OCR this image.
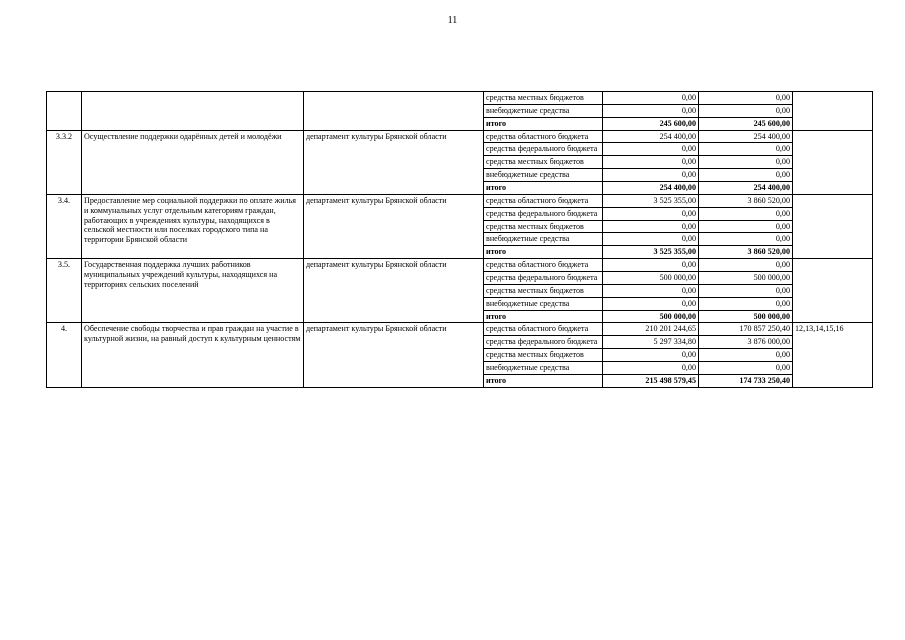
11
			средства местных бюджетов	0,00	0,00	
			внебюджетные средства	0,00	0,00	
			итого	245 600,00	245 600,00	
3.3.2	Осуществление поддержки одарённых детей и молодёжи	департамент культуры Брянской области	средства областного бюджета	254 400,00	254 400,00	
			средства федерального бюджета	0,00	0,00	
			средства местных бюджетов	0,00	0,00	
			внебюджетные средства	0,00	0,00	
			итого	254 400,00	254 400,00	
3.4.	Предоставление мер социальной поддержки по оплате жилья и коммунальных услуг отдельным категориям граждан, работающих в учреждениях культуры, находящихся в сельской местности или поселках городского типа на территории Брянской области	департамент культуры Брянской области	средства областного бюджета	3 525 355,00	3 860 520,00	
			средства федерального бюджета	0,00	0,00	
			средства местных бюджетов	0,00	0,00	
			внебюджетные средства	0,00	0,00	
			итого	3 525 355,00	3 860 520,00	
3.5.	Государственная поддержка лучших работников муниципальных учреждений культуры, находящихся на территориях сельских поселений	департамент культуры Брянской области	средства областного бюджета	0,00	0,00	
			средства федерального бюджета	500 000,00	500 000,00	
			средства местных бюджетов	0,00	0,00	
			внебюджетные средства	0,00	0,00	
			итого	500 000,00	500 000,00	
4.	Обеспечение свободы творчества и прав граждан на участие в культурной жизни, на равный доступ к культурным ценностям	департамент культуры Брянской области	средства областного бюджета	210 201 244,65	170 857 250,40	12,13,14,15,16
			средства федерального бюджета	5 297 334,80	3 876 000,00	
			средства местных бюджетов	0,00	0,00	
			внебюджетные средства	0,00	0,00	
			итого	215 498 579,45	174 733 250,40	
